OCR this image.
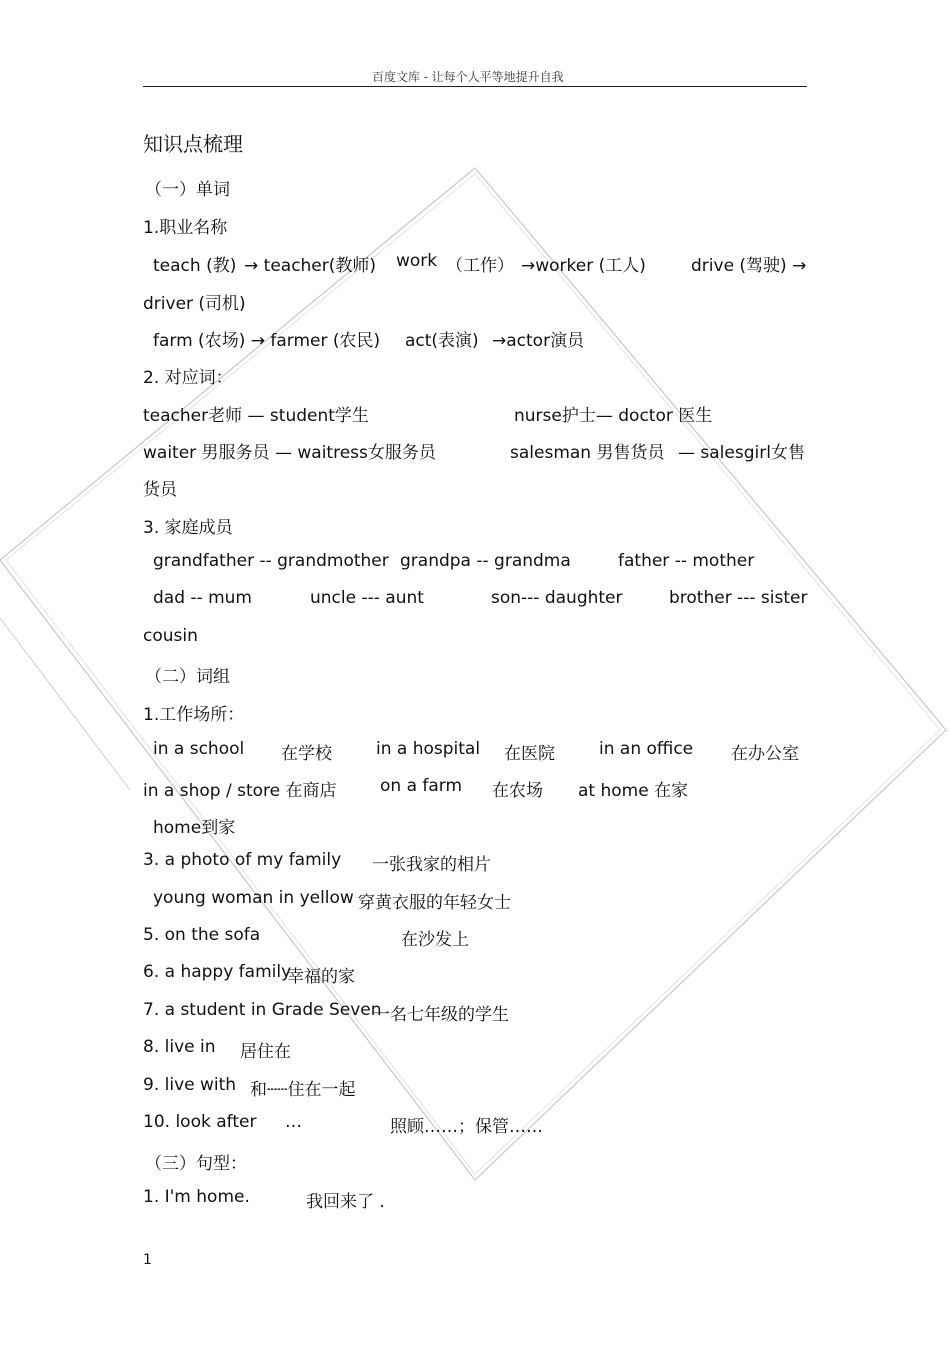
百度文库 - 让每个人平等地提升自我
知识点梳理
（一）单词
1.职业名称
teach (教) → teacher(教师) work （工作） →worker (工人)	drive (驾驶) →
driver (司机)
farm (农场) → farmer (农民) act(表演) →actor演员
2. 对应词：
teacher老师 — student学生	nurse护士— doctor 医生
waiter 男服务员 — waitress女服务员	salesman 男售货员 — salesgirl女售
货员
3. 家庭成员
grandfather -- grandmother grandpa -- grandma	father -- mother
dad -- mum	uncle --- aunt	son--- daughter	brother --- sister
cousin
（二）词组
1.工作场所：
in a school 在学校	in a hospital 在医院	in an office 在办公室
in a shop / store 在商店	on a farm 在农场 at home 在家
home到家
3. a photo of my family 一张我家的相片
young woman in yellow 穿黄衣服的年轻女士
5. on the sofa	在沙发上
6. a happy family
幸福的家
7. a student in Grade Seven
一名七年级的学生
8. live in 居住在
9. live with 和┄┄住在一起
10. look after …	照顾……；保管……
（三）句型：
1. I'm home.	我回来了 .
1
